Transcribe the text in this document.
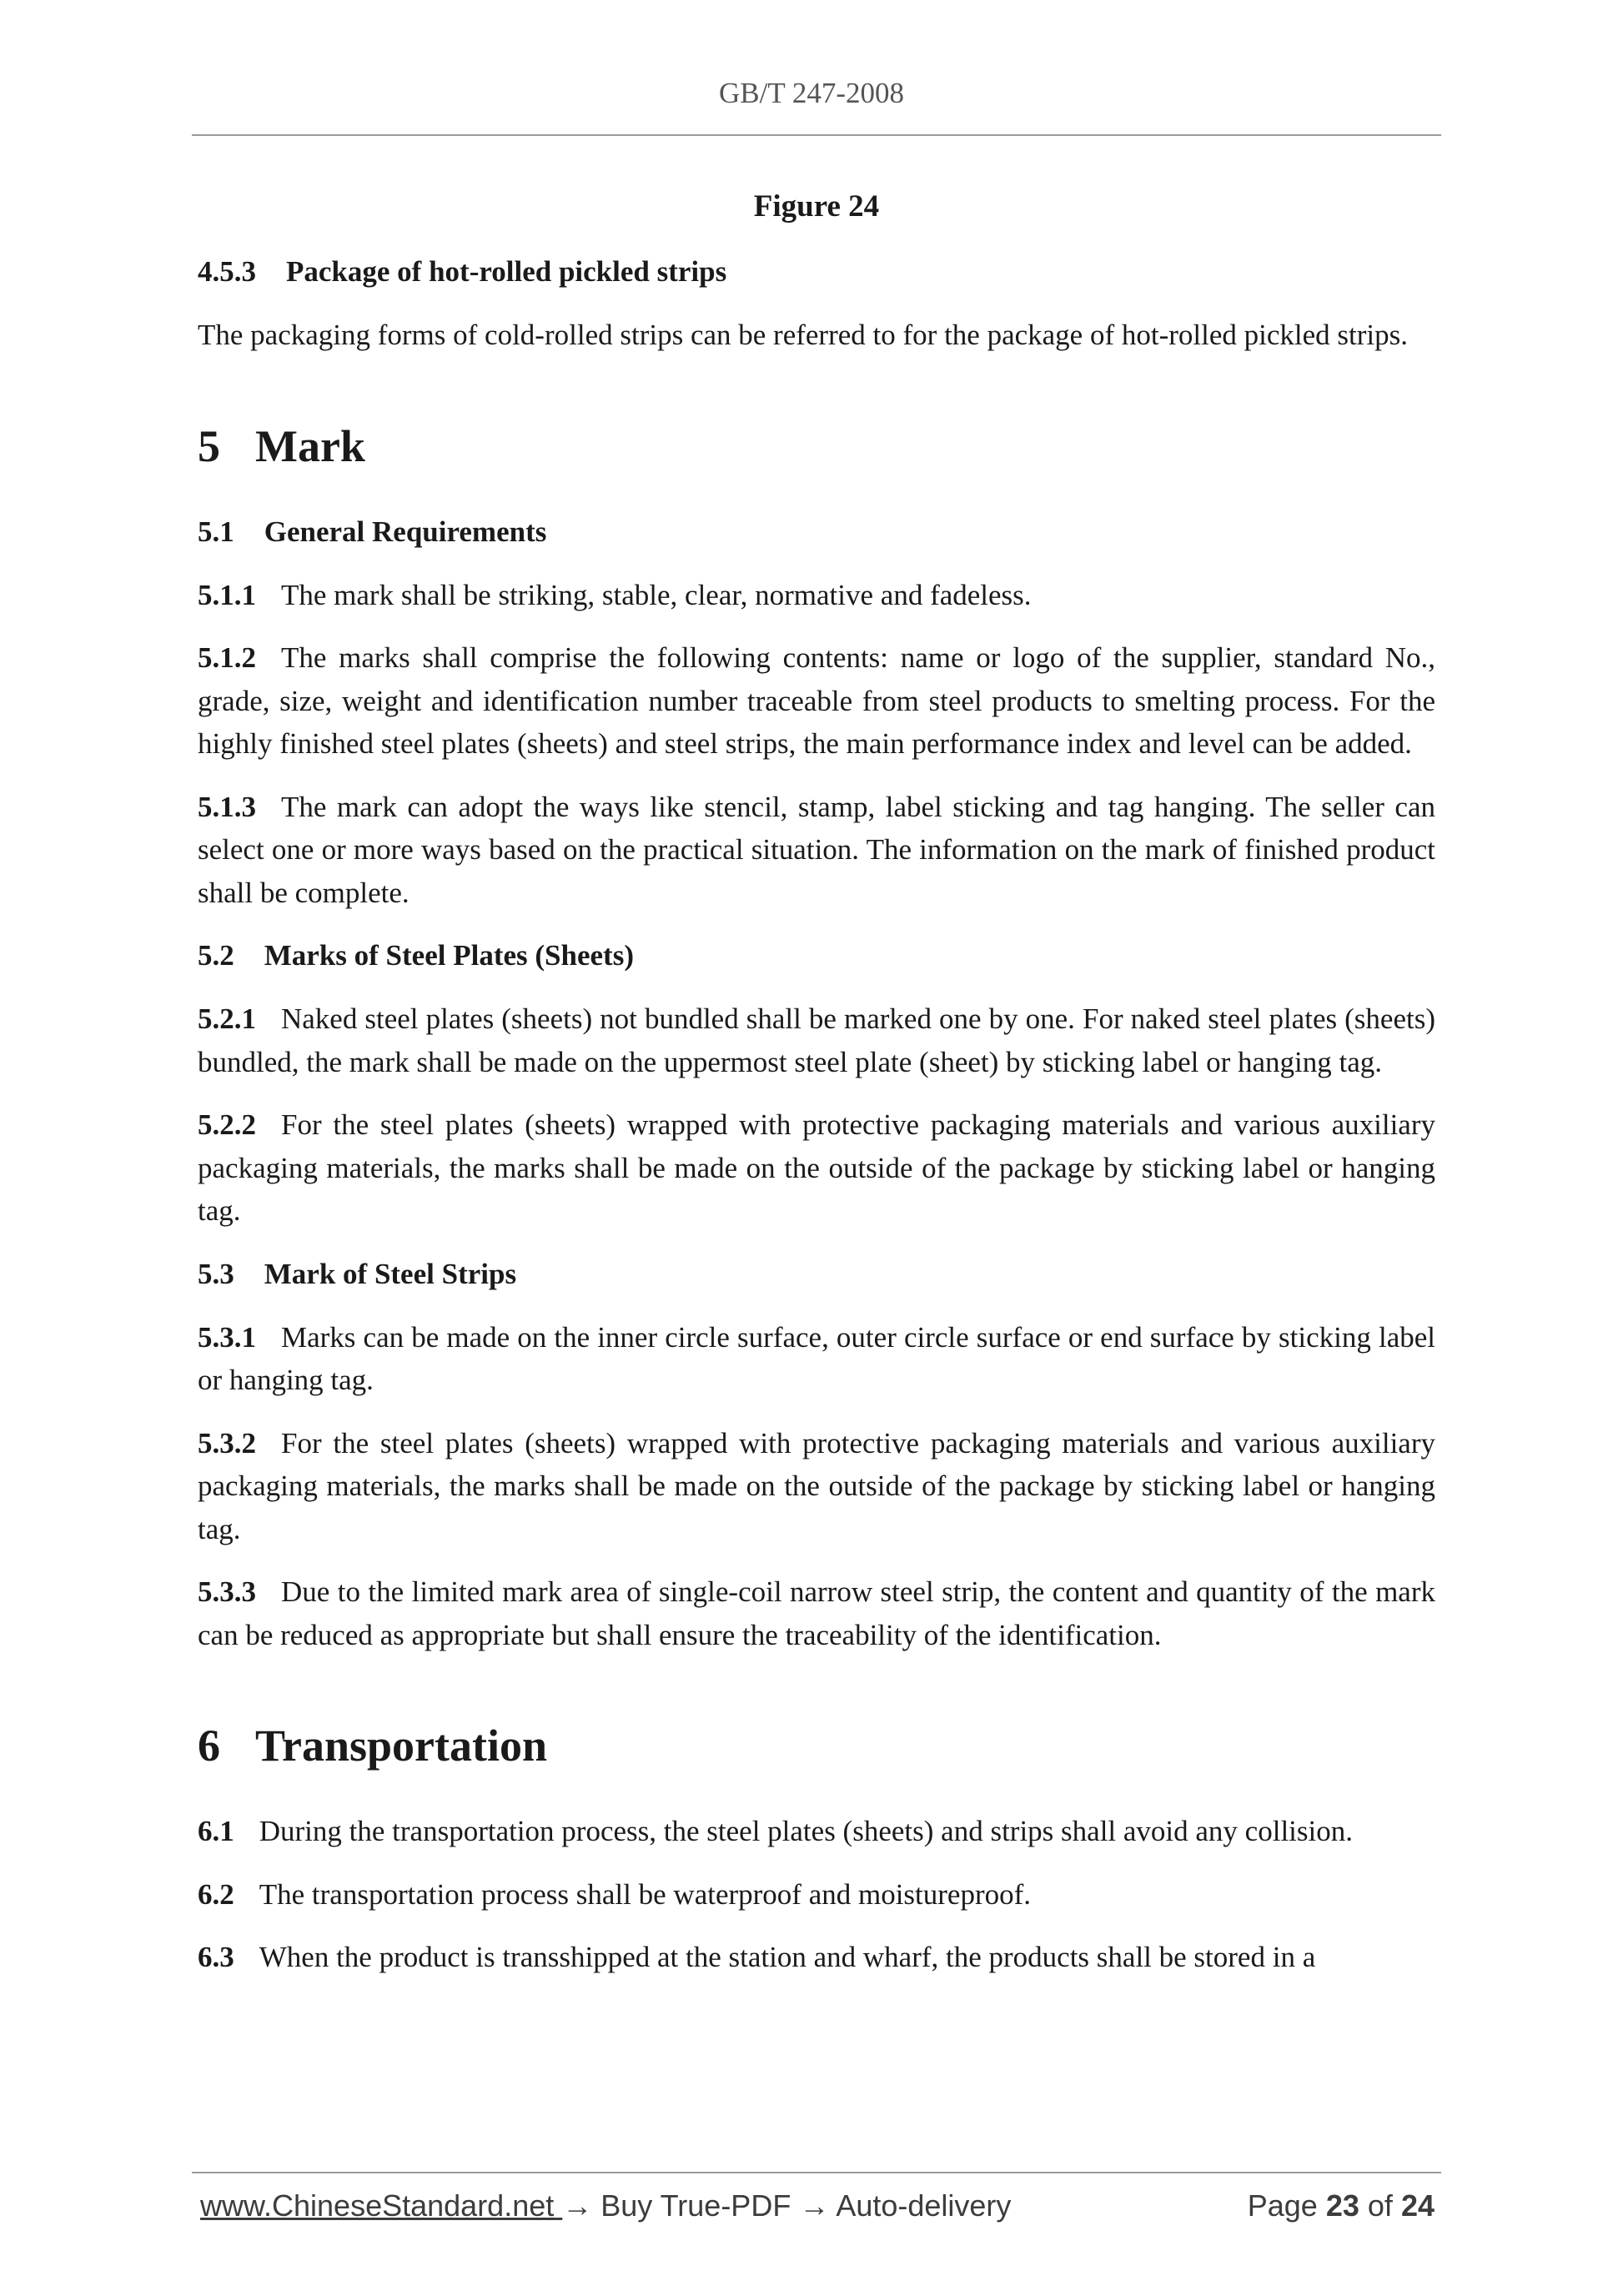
GB/T 247-2008

Figure 24

4.5.3 Package of hot-rolled pickled strips

The packaging forms of cold-rolled strips can be referred to for the package of hot-rolled pickled strips.

5 Mark

5.1 General Requirements

5.1.1 The mark shall be striking, stable, clear, normative and fadeless.

5.1.2 The marks shall comprise the following contents: name or logo of the supplier, standard No., grade, size, weight and identification number traceable from steel products to smelting process. For the highly finished steel plates (sheets) and steel strips, the main performance index and level can be added.

5.1.3 The mark can adopt the ways like stencil, stamp, label sticking and tag hanging. The seller can select one or more ways based on the practical situation. The information on the mark of finished product shall be complete.

5.2 Marks of Steel Plates (Sheets)

5.2.1 Naked steel plates (sheets) not bundled shall be marked one by one. For naked steel plates (sheets) bundled, the mark shall be made on the uppermost steel plate (sheet) by sticking label or hanging tag.

5.2.2 For the steel plates (sheets) wrapped with protective packaging materials and various auxiliary packaging materials, the marks shall be made on the outside of the package by sticking label or hanging tag.

5.3 Mark of Steel Strips

5.3.1 Marks can be made on the inner circle surface, outer circle surface or end surface by sticking label or hanging tag.

5.3.2 For the steel plates (sheets) wrapped with protective packaging materials and various auxiliary packaging materials, the marks shall be made on the outside of the package by sticking label or hanging tag.

5.3.3 Due to the limited mark area of single-coil narrow steel strip, the content and quantity of the mark can be reduced as appropriate but shall ensure the traceability of the identification.

6 Transportation

6.1 During the transportation process, the steel plates (sheets) and strips shall avoid any collision.

6.2 The transportation process shall be waterproof and moistureproof.

6.3 When the product is transshipped at the station and wharf, the products shall be stored in a

www.ChineseStandard.net → Buy True-PDF → Auto-delivery	Page 23 of 24
